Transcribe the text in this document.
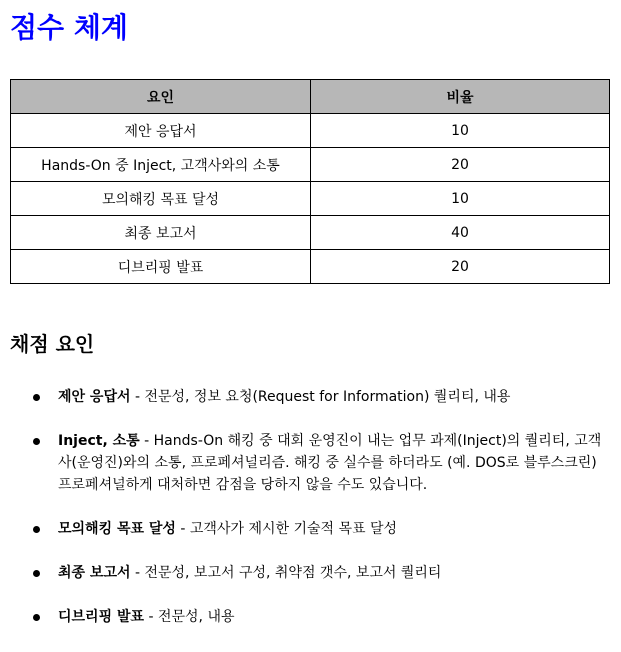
점수 체계
요인	비율
제안 응답서	10
Hands-On 중 Inject, 고객사와의 소통	20
모의해킹 목표 달성	10
최종 보고서	40
디브리핑 발표	20
채점 요인
제안 응답서 - 전문성, 정보 요청(Request for Information) 퀄리티, 내용
Inject, 소통 - Hands-On 해킹 중 대회 운영진이 내는 업무 과제(Inject)의 퀄리티, 고객사(운영진)와의 소통, 프로페셔널리즘. 해킹 중 실수를 하더라도 (예. DOS로 블루스크린) 프로페셔널하게 대처하면 감점을 당하지 않을 수도 있습니다.
모의해킹 목표 달성 - 고객사가 제시한 기술적 목표 달성
최종 보고서 - 전문성, 보고서 구성, 취약점 갯수, 보고서 퀄리티
디브리핑 발표 - 전문성, 내용
